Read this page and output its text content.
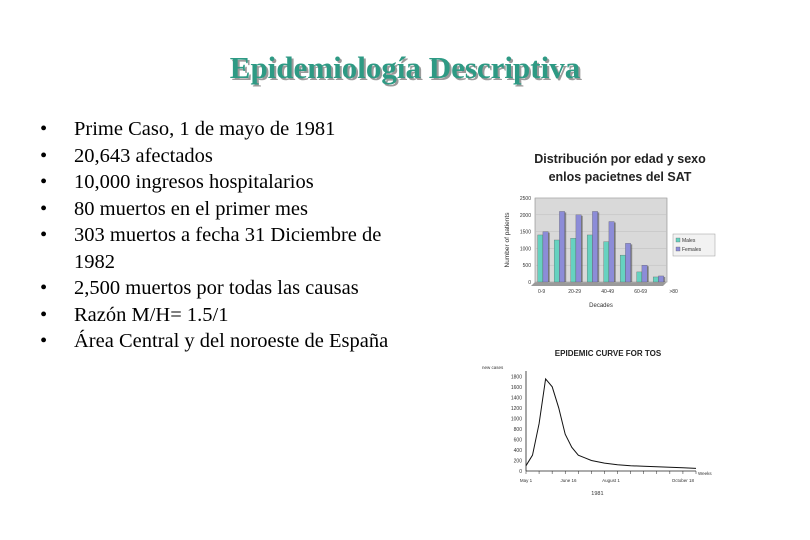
Epidemiología Descriptiva
• Prime Caso, 1 de mayo de 1981
• 20,643 afectados
• 10,000 ingresos hospitalarios
• 80 muertos en el primer mes
• 303 muertos a fecha 31 Diciembre de 1982
• 2,500 muertos por todas las causas
• Razón M/H= 1.5/1
• Área Central y del noroeste de España
Distribución por edad y sexo
enlos pacietnes del SAT
0
500
1000
1500
2000
2500
0-9	20-29	40-49	60-69	>80
Decades
Number of patients	Males
Females
EPIDEMIC CURVE FOR TOS
new cases
0
200
400
600
800
1000
1200
1400
1600
1800
May 1	June 16	August 1	October 18
Weeks
1981
